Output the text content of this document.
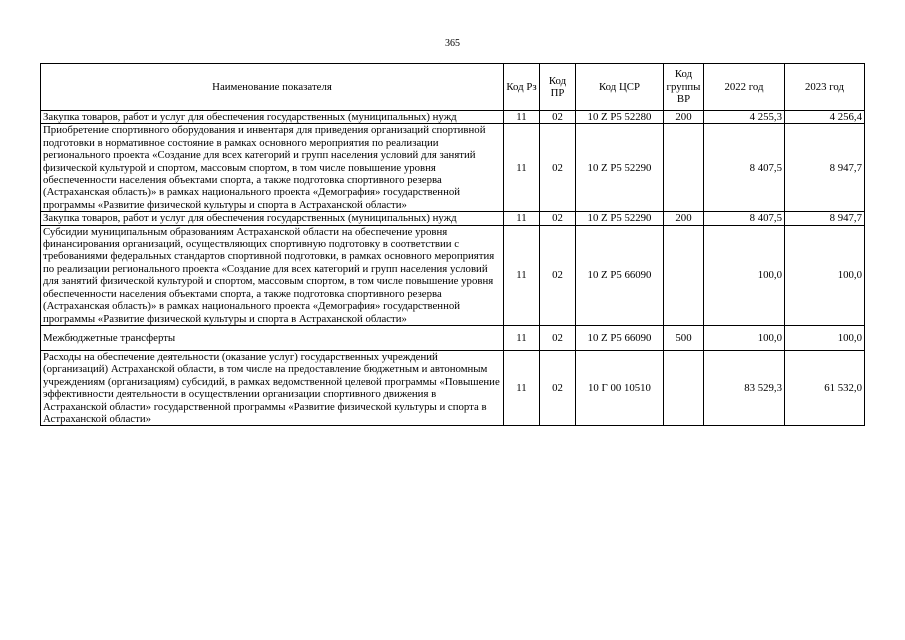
365
Наименование показателя	Код Рз	Код ПР	Код ЦСР	Код группы ВР	2022 год	2023 год
Закупка товаров, работ и услуг для обеспечения государственных (муниципальных) нужд	11	02	10 Z P5 52280	200	4 255,3	4 256,4
Приобретение спортивного оборудования и инвентаря для приведения организаций спортивной подготовки в нормативное состояние в рамках основного мероприятия по реализации регионального проекта «Создание для всех категорий и групп населения условий для занятий физической культурой и спортом, массовым спортом, в том числе повышение уровня обеспеченности населения объектами спорта, а также подготовка спортивного резерва (Астраханская область)» в рамках национального проекта «Демография» государственной программы «Развитие физической культуры и спорта в Астраханской области»	11	02	10 Z P5 52290		8 407,5	8 947,7
Закупка товаров, работ и услуг для обеспечения государственных (муниципальных) нужд	11	02	10 Z P5 52290	200	8 407,5	8 947,7
Субсидии муниципальным образованиям Астраханской области на обеспечение уровня финансирования организаций, осуществляющих спортивную подготовку в соответствии с требованиями федеральных стандартов спортивной подготовки, в рамках основного мероприятия по реализации регионального проекта «Создание для всех категорий и групп населения условий для занятий физической культурой и спортом, массовым спортом, в том числе повышение уровня обеспеченности населения объектами спорта, а также подготовка спортивного резерва (Астраханская область)» в рамках национального проекта «Демография» государственной программы «Развитие физической культуры и спорта в Астраханской области»	11	02	10 Z P5 66090		100,0	100,0
Межбюджетные трансферты	11	02	10 Z P5 66090	500	100,0	100,0
Расходы на обеспечение деятельности (оказание услуг) государственных учреждений (организаций) Астраханской области, в том числе на предоставление бюджетным и автономным учреждениям (организациям) субсидий, в рамках ведомственной целевой программы «Повышение эффективности деятельности в осуществлении организации спортивного движения в Астраханской области» государственной программы «Развитие физической культуры и спорта в Астраханской области»	11	02	10 Г 00 10510		83 529,3	61 532,0
